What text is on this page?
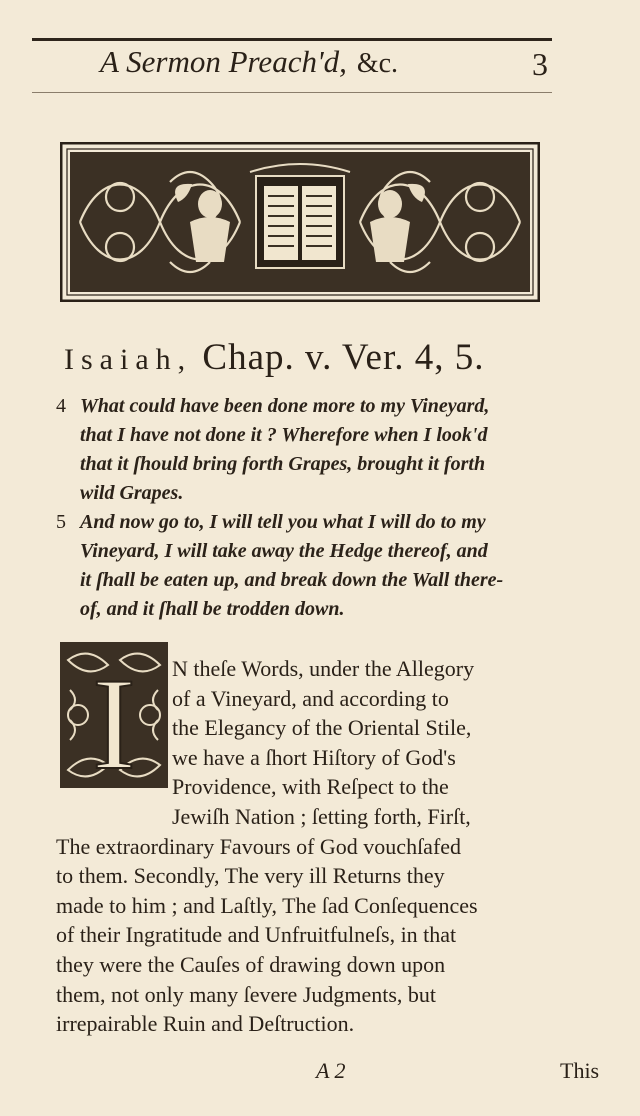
A Sermon Preach'd, &c.	3
Isaiah, Chap. v. Ver. 4, 5.
4 What could have been done more to my Vineyard,
that I have not done it ? Wherefore when I look'd
that it ſhould bring forth Grapes, brought it forth
wild Grapes.
5 And now go to, I will tell you what I will do to my
Vineyard, I will take away the Hedge thereof, and
it ſhall be eaten up, and break down the Wall there-
of, and it ſhall be trodden down.
I	N theſe Words, under the Allegory
of a Vineyard, and according to
the Elegancy of the Oriental Stile,
we have a ſhort Hiſtory of God's
Providence, with Reſpect to the
Jewiſh Nation ; ſetting forth, Firſt,
The extraordinary Favours of God vouchſafed
to them. Secondly, The very ill Returns they
made to him ; and Laſtly, The ſad Conſequences
of their Ingratitude and Unfruitfulneſs, in that
they were the Cauſes of drawing down upon
them, not only many ſevere Judgments, but
irrepairable Ruin and Deſtruction.
A 2	This
